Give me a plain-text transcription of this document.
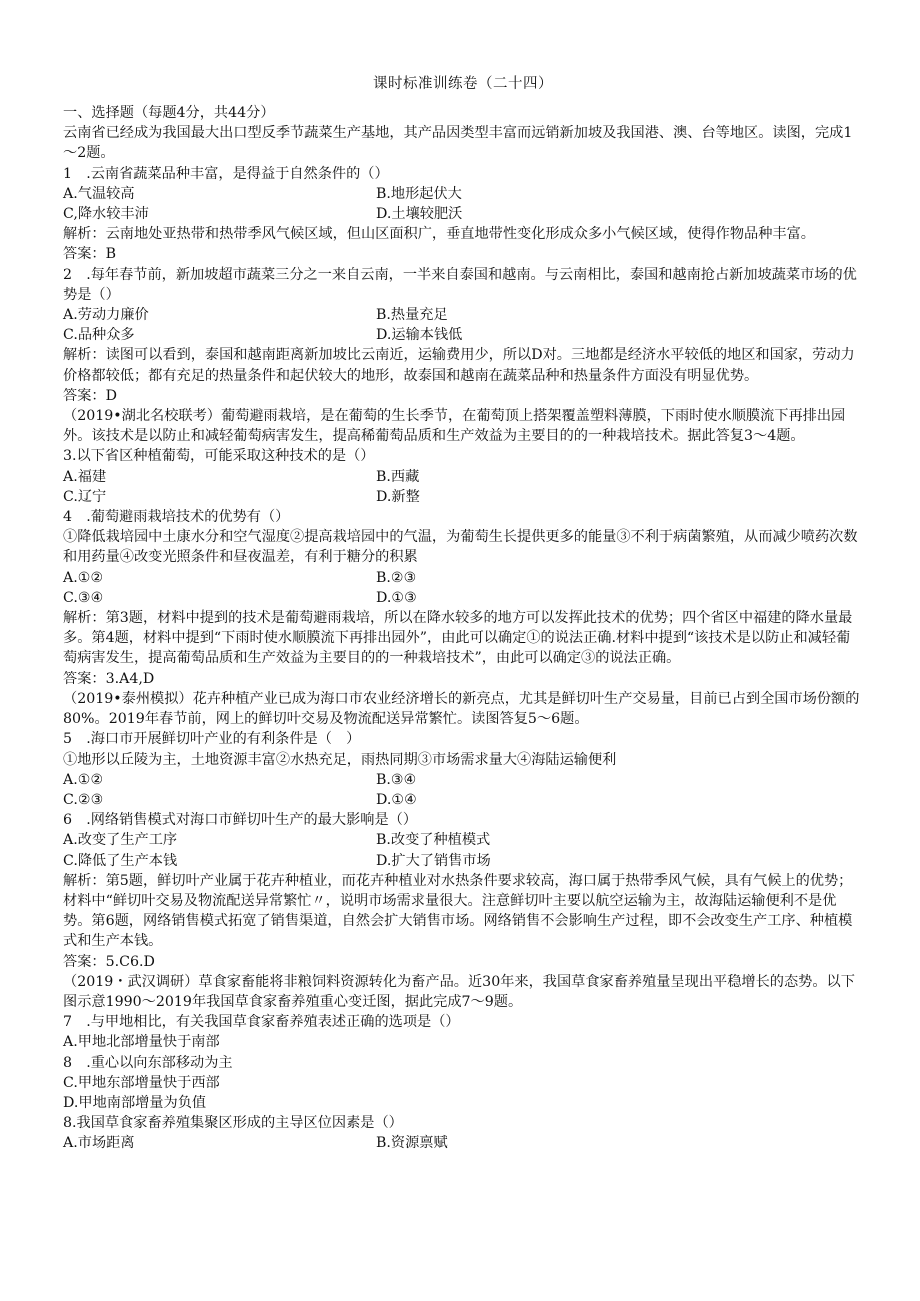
课时标准训练卷（二十四）
一、选择题（每题4分，共44分）
云南省已经成为我国最大出口型反季节蔬菜生产基地，其产品因类型丰富而远销新加坡及我国港、澳、台等地区。读图，完成1～2题。
1　.云南省蔬菜品种丰富，是得益于自然条件的（）
A.气温较高	B.地形起伏大
C,降水较丰沛	D.土壤较肥沃
解析：云南地处亚热带和热带季风气候区域，但山区面积广，垂直地带性变化形成众多小气候区域，使得作物品种丰富。
答案：B
2　.每年春节前，新加坡超市蔬菜三分之一来自云南，一半来自泰国和越南。与云南相比，泰国和越南抢占新加坡蔬菜市场的优势是（）
A.劳动力廉价	B.热量充足
C.品种众多	D.运输本钱低
解析：读图可以看到，泰国和越南距离新加坡比云南近，运输费用少，所以D对。三地都是经济水平较低的地区和国家，劳动力价格都较低；都有充足的热量条件和起伏较大的地形，故泰国和越南在蔬菜品种和热量条件方面没有明显优势。
答案：D
（2019•湖北名校联考）葡萄避雨栽培，是在葡萄的生长季节，在葡萄顶上搭架覆盖塑料薄膜，下雨时使水顺膜流下再排出园外。该技术是以防止和减轻葡萄病害发生，提高稀葡萄品质和生产效益为主要目的的一种栽培技术。据此答复3～4题。
3.以下省区种植葡萄，可能采取这种技术的是（）
A.福建	B.西藏
C.辽宁	D.新整
4　.葡萄避雨栽培技术的优势有（）
①降低栽培园中土康水分和空气湿度②提高栽培园中的气温，为葡萄生长提供更多的能量③不利于病菌繁殖，从而减少喷药次数和用药量④改变光照条件和昼夜温差，有利于糖分的积累
A.①②	B.②③
C.③④	D.①③
解析：第3题，材料中提到的技术是葡萄避雨栽培，所以在降水较多的地方可以发挥此技术的优势；四个省区中福建的降水量最多。第4题，材料中提到“下雨时使水顺膜流下再排出园外”，由此可以确定①的说法正确.材料中提到“该技术是以防止和减轻葡萄病害发生，提高葡萄品质和生产效益为主要目的的一种栽培技术”，由此可以确定③的说法正确。
答案：3.A4,D
（2019•泰州模拟）花卉种植产业已成为海口市农业经济增长的新亮点，尤其是鲜切叶生产交易量，目前已占到全国市场份额的80%。2019年春节前，网上的鲜切叶交易及物流配送异常繁忙。读图答复5～6题。
5　.海口市开展鲜切叶产业的有利条件是（　）
①地形以丘陵为主，土地资源丰富②水热充足，雨热同期③市场需求量大④海陆运输便利
A.①②	B.③④
C.②③	D.①④
6　.网络销售模式对海口市鲜切叶生产的最大影响是（）
A.改变了生产工序	B.改变了种植模式
C.降低了生产本钱	D.扩大了销售市场
解析：第5题，鲜切叶产业属于花卉种植业，而花卉种植业对水热条件要求较高，海口属于热带季风气候，具有气候上的优势；材料中“鲜切叶交易及物流配送异常繁忙〃，说明市场需求量很大。注意鲜切叶主要以航空运输为主，故海陆运输便利不是优势。第6题，网络销售模式拓宽了销售渠道，自然会扩大销售市场。网络销售不会影响生产过程，即不会改变生产工序、种植模式和生产本钱。
答案：5.C6.D
（2019・武汉调研）草食家畜能将非粮饲料资源转化为畜产品。近30年来，我国草食家畜养殖量呈现出平稳增长的态势。以下图示意1990～2019年我国草食家畜养殖重心变迁图，据此完成7～9题。
7　.与甲地相比，有关我国草食家畜养殖表述正确的选项是（）
A.甲地北部增量快于南部
8　.重心以向东部移动为主
C.甲地东部增量快于西部
D.甲地南部增量为负值
8.我国草食家畜养殖集聚区形成的主导区位因素是（）
A.市场距离	B.资源禀赋
